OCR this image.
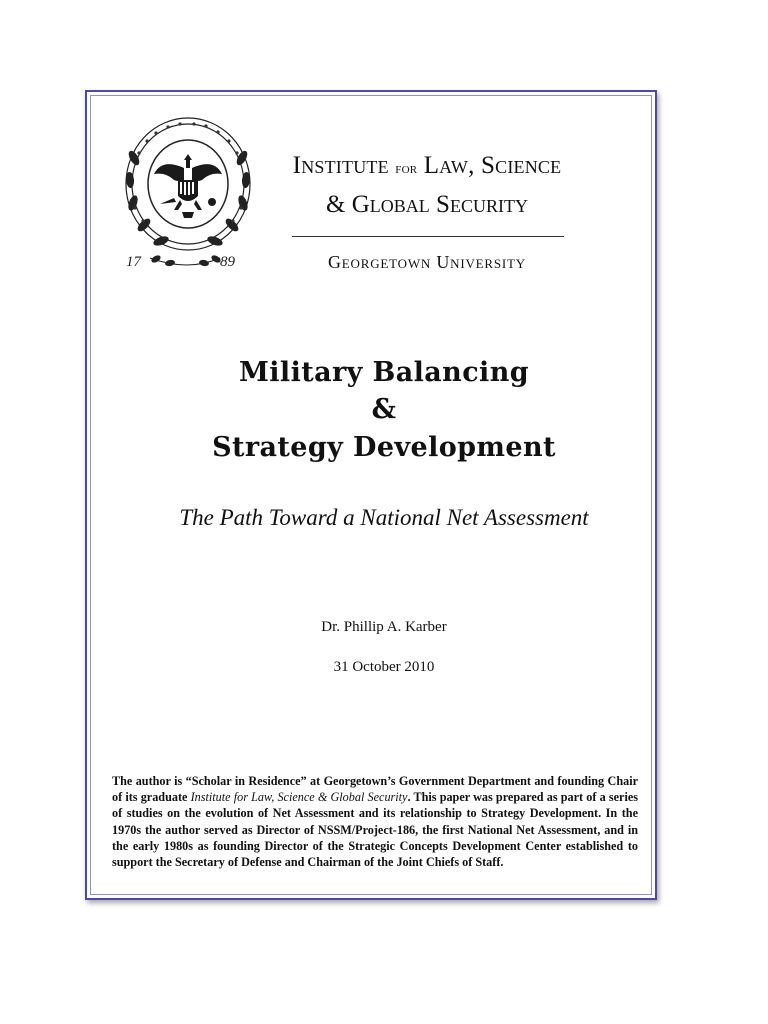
17	89
Institute for Law, Science
& Global Security
Georgetown University
Military Balancing
&
Strategy Development
The Path Toward a National Net Assessment
Dr. Phillip A. Karber
31 October 2010
The author is “Scholar in Residence” at Georgetown’s Government Department and founding Chair of its graduate Institute for Law, Science & Global Security. This paper was prepared as part of a series of studies on the evolution of Net Assessment and its relationship to Strategy Development. In the 1970s the author served as Director of NSSM/Project-186, the first National Net Assessment, and in the early 1980s as founding Director of the Strategic Concepts Development Center established to support the Secretary of Defense and Chairman of the Joint Chiefs of Staff.
